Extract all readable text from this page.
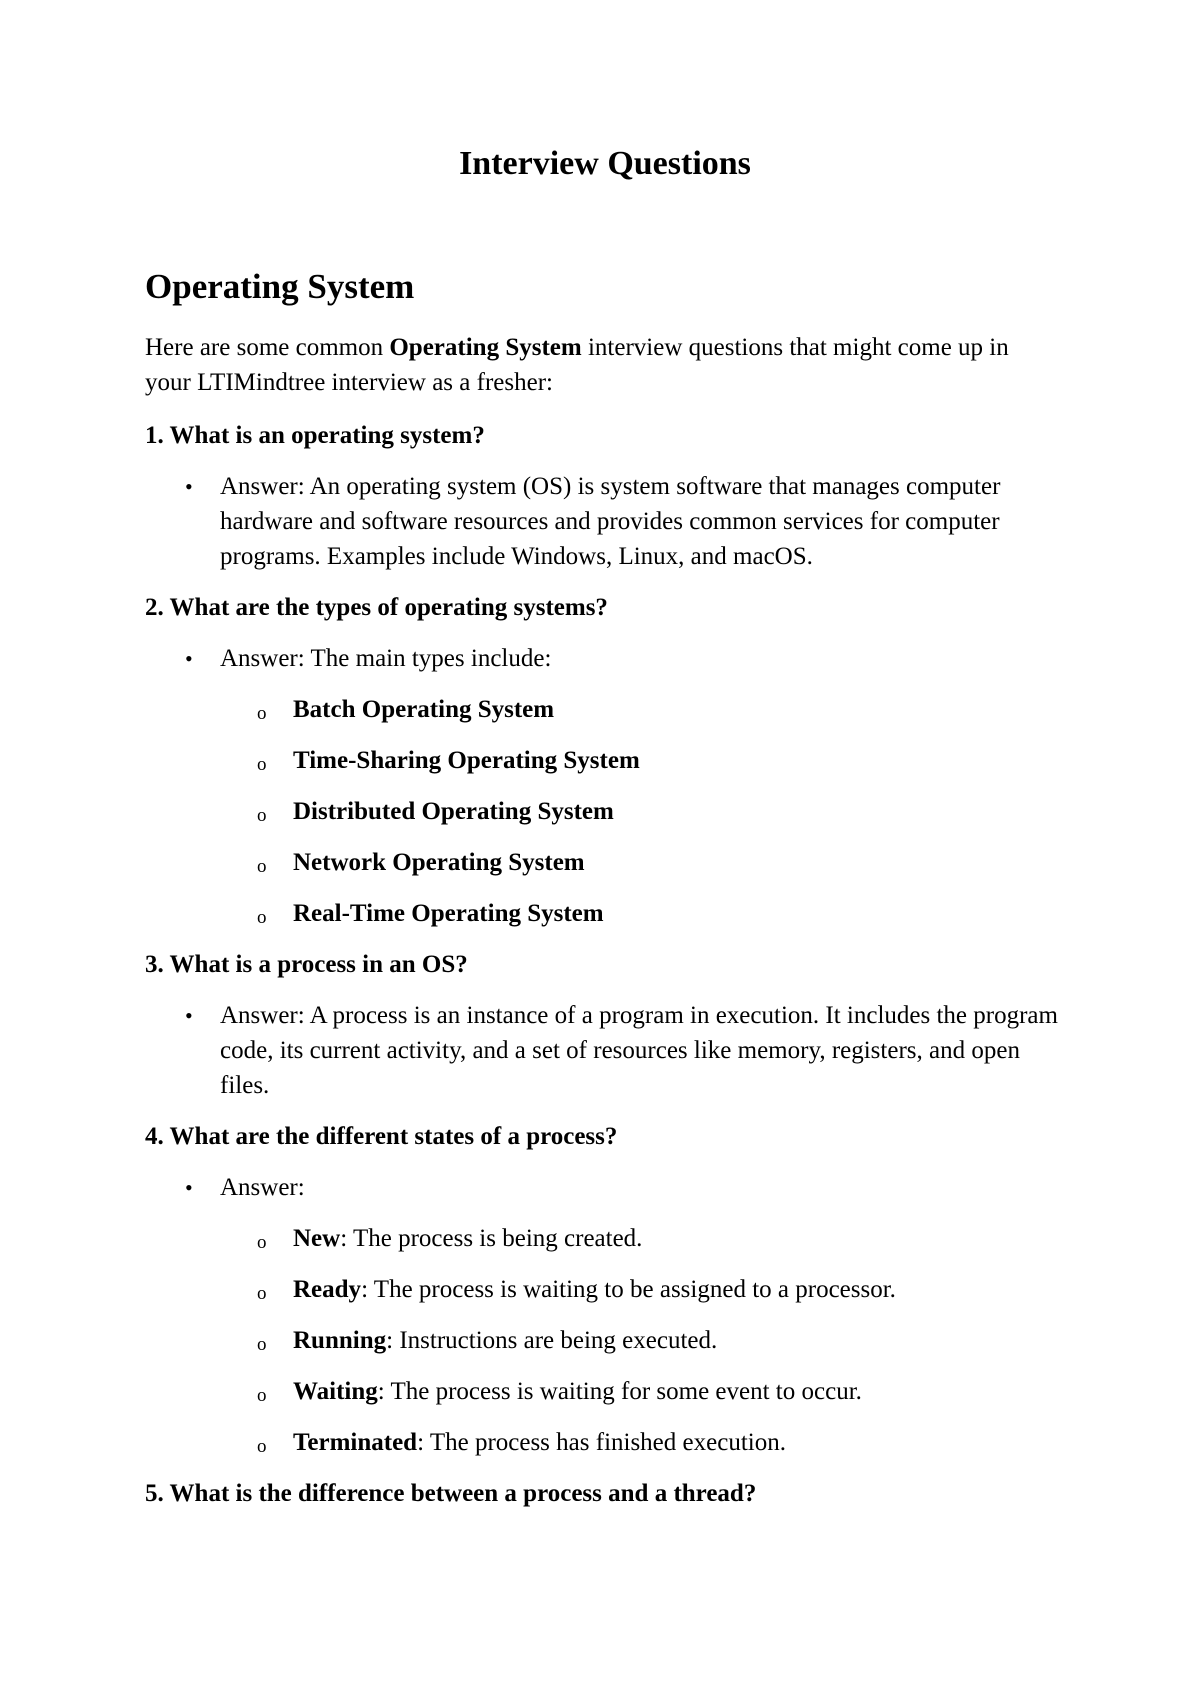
Interview Questions
Operating System

Here are some common Operating System interview questions that might come up in your LTIMindtree interview as a fresher:

1. What is an operating system?

• Answer: An operating system (OS) is system software that manages computer hardware and software resources and provides common services for computer programs. Examples include Windows, Linux, and macOS.

2. What are the types of operating systems?

• Answer: The main types include:
o Batch Operating System
o Time-Sharing Operating System
o Distributed Operating System
o Network Operating System
o Real-Time Operating System

3. What is a process in an OS?

• Answer: A process is an instance of a program in execution. It includes the program code, its current activity, and a set of resources like memory, registers, and open files.

4. What are the different states of a process?

• Answer:
o New: The process is being created.
o Ready: The process is waiting to be assigned to a processor.
o Running: Instructions are being executed.
o Waiting: The process is waiting for some event to occur.
o Terminated: The process has finished execution.

5. What is the difference between a process and a thread?
